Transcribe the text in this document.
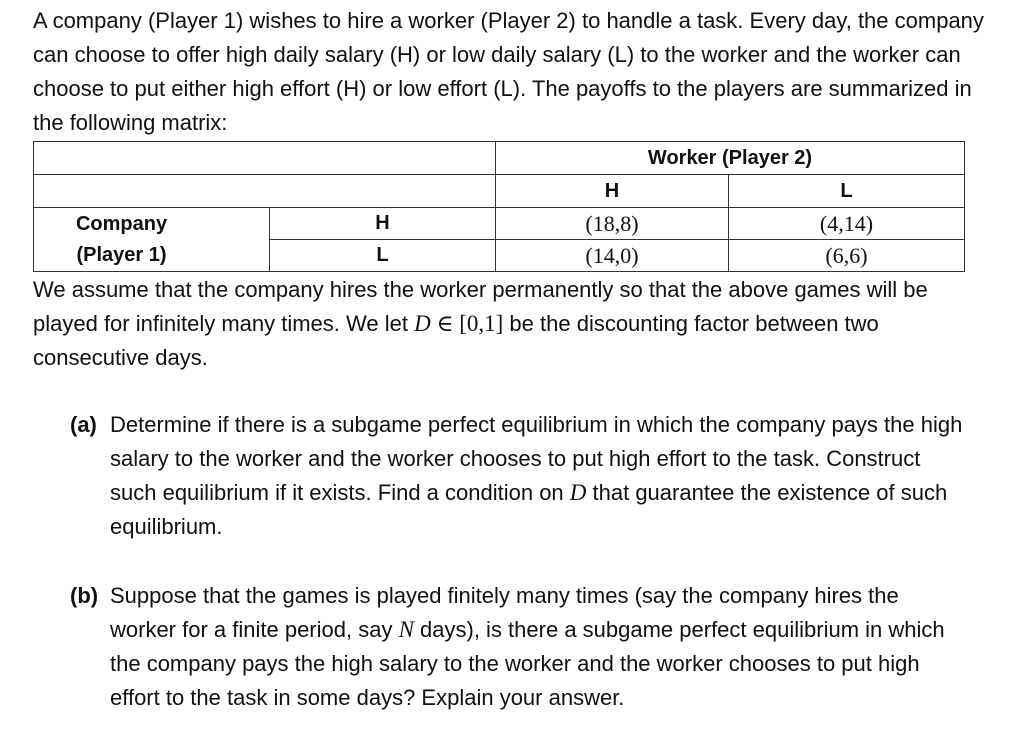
A company (Player 1) wishes to hire a worker (Player 2) to handle a task. Every day, the company can choose to offer high daily salary (H) or low daily salary (L) to the worker and the worker can choose to put either high effort (H) or low effort (L). The payoffs to the players are summarized in the following matrix:

		Worker (Player 2)	
		H	L
Company
(Player 1)	H	(18,8)	(4,14)
	L	(14,0)	(6,6)

We assume that the company hires the worker permanently so that the above games will be played for infinitely many times. We let D ∈ [0,1] be the discounting factor between two consecutive days.

(a) Determine if there is a subgame perfect equilibrium in which the company pays the high salary to the worker and the worker chooses to put high effort to the task. Construct such equilibrium if it exists. Find a condition on D that guarantee the existence of such equilibrium.

(b) Suppose that the games is played finitely many times (say the company hires the worker for a finite period, say N days), is there a subgame perfect equilibrium in which the company pays the high salary to the worker and the worker chooses to put high effort to the task in some days? Explain your answer.
